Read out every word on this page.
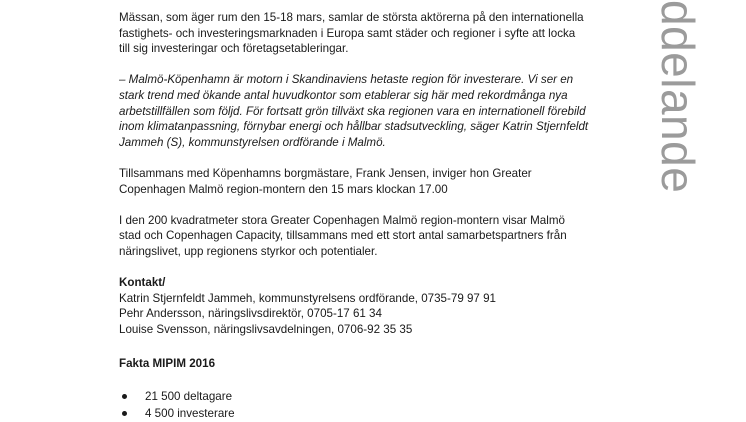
Mässan, som äger rum den 15-18 mars, samlar de största aktörerna på den internationella fastighets- och investeringsmarknaden i Europa samt städer och regioner i syfte att locka till sig investeringar och företagsetableringar.

– Malmö-Köpenhamn är motorn i Skandinaviens hetaste region för investerare. Vi ser en stark trend med ökande antal huvudkontor som etablerar sig här med rekordmånga nya arbetstillfällen som följd. För fortsatt grön tillväxt ska regionen vara en internationell förebild inom klimatanpassning, förnybar energi och hållbar stadsutveckling, säger Katrin Stjernfeldt Jammeh (S), kommunstyrelsen ordförande i Malmö.

Tillsammans med Köpenhamns borgmästare, Frank Jensen, inviger hon Greater Copenhagen Malmö region-montern den 15 mars klockan 17.00

I den 200 kvadratmeter stora Greater Copenhagen Malmö region-montern visar Malmö stad och Copenhagen Capacity, tillsammans med ett stort antal samarbetspartners från näringslivet, upp regionens styrkor och potentialer.

Kontakt/
Katrin Stjernfeldt Jammeh, kommunstyrelsens ordförande, 0735-79 97 91
Pehr Andersson, näringslivsdirektör, 0705-17 61 34
Louise Svensson, näringslivsavdelningen, 0706-92 35 35
Fakta MIPIM 2016
21 500 deltagare
4 500 investerare
ddelande
